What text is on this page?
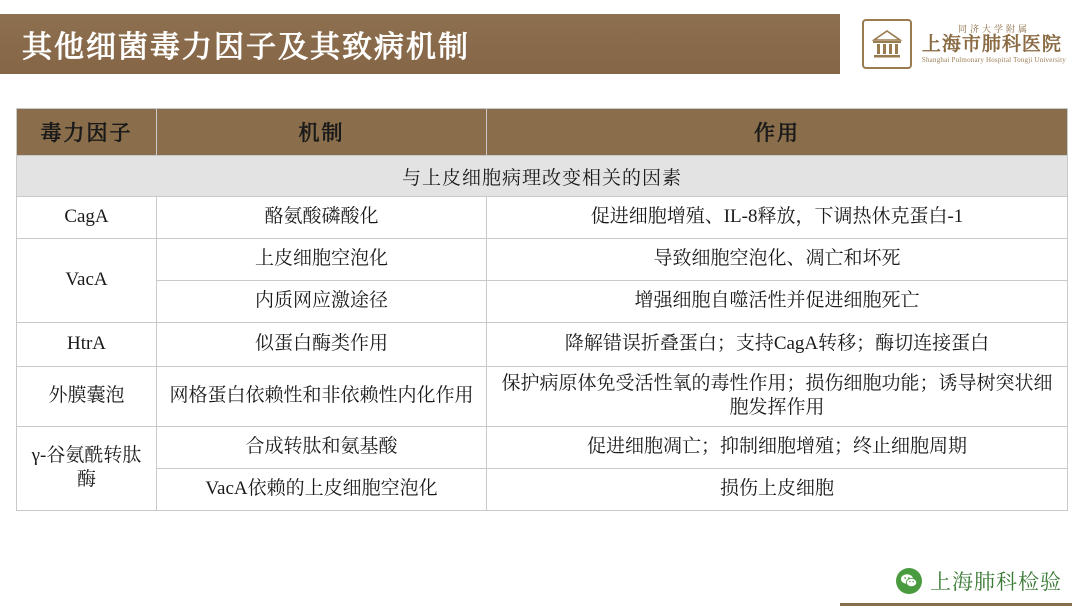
其他细菌毒力因子及其致病机制
同济大学附属
上海市肺科医院
Shanghai Pulmonary Hospital Tongji University
毒力因子	机制	作用
与上皮细胞病理改变相关的因素		
CagA	酪氨酸磷酸化	促进细胞增殖、IL-8释放，下调热休克蛋白-1
VacA	上皮细胞空泡化	导致细胞空泡化、凋亡和坏死
	内质网应激途径	增强细胞自噬活性并促进细胞死亡
HtrA	似蛋白酶类作用	降解错误折叠蛋白；支持CagA转移；酶切连接蛋白
外膜囊泡	网格蛋白依赖性和非依赖性内化作用	保护病原体免受活性氧的毒性作用；损伤细胞功能；诱导树突状细胞发挥作用
γ-谷氨酰转肽酶	合成转肽和氨基酸	促进细胞凋亡；抑制细胞增殖；终止细胞周期
	VacA依赖的上皮细胞空泡化	损伤上皮细胞
上海肺科检验
